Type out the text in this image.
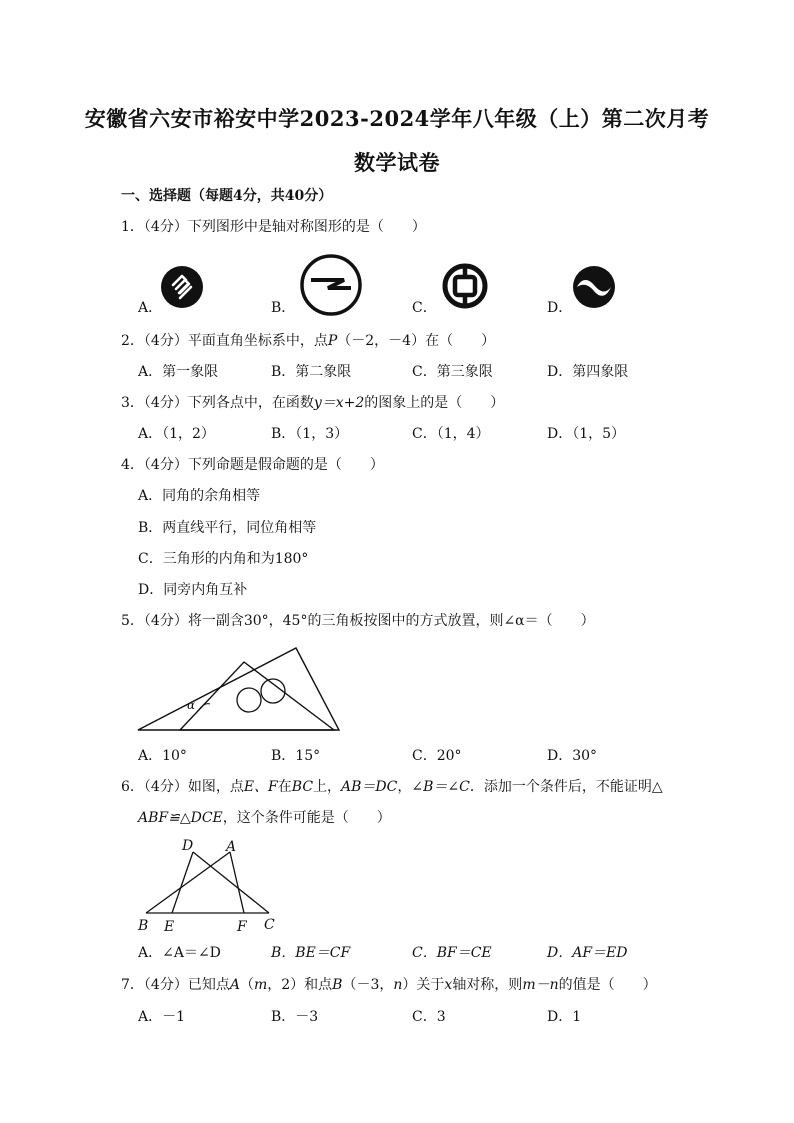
安徽省六安市裕安中学2023-2024学年八年级（上）第二次月考
数学试卷
一、选择题（每题4分，共40分）
1．（4分）下列图形中是轴对称图形的是（　　）
A．	B．	C．	D．
2．（4分）平面直角坐标系中，点P（－2，－4）在（　　）
A．第一象限	B．第二象限	C．第三象限	D．第四象限
3．（4分）下列各点中，在函数y＝x+2的图象上的是（　　）
A．（1，2）	B．（1，3）	C．（1，4）	D．（1，5）
4．（4分）下列命题是假命题的是（　　）
A．同角的余角相等
B．两直线平行，同位角相等
C．三角形的内角和为180°
D．同旁内角互补
5．（4分）将一副含30°，45°的三角板按图中的方式放置，则∠α＝（　　）
α
A．10°	B．15°	C．20°	D．30°
6．（4分）如图，点E、F在BC上，AB＝DC，∠B＝∠C．添加一个条件后，不能证明△
ABF≌△DCE，这个条件可能是（　　）
D A
B E	F C
A．∠A＝∠D	B．BE＝CF	C．BF＝CE	D．AF＝ED
7．（4分）已知点A（m，2）和点B（－3，n）关于x轴对称，则m－n的值是（　　）
A．－1	B．－3	C．3	D．1
